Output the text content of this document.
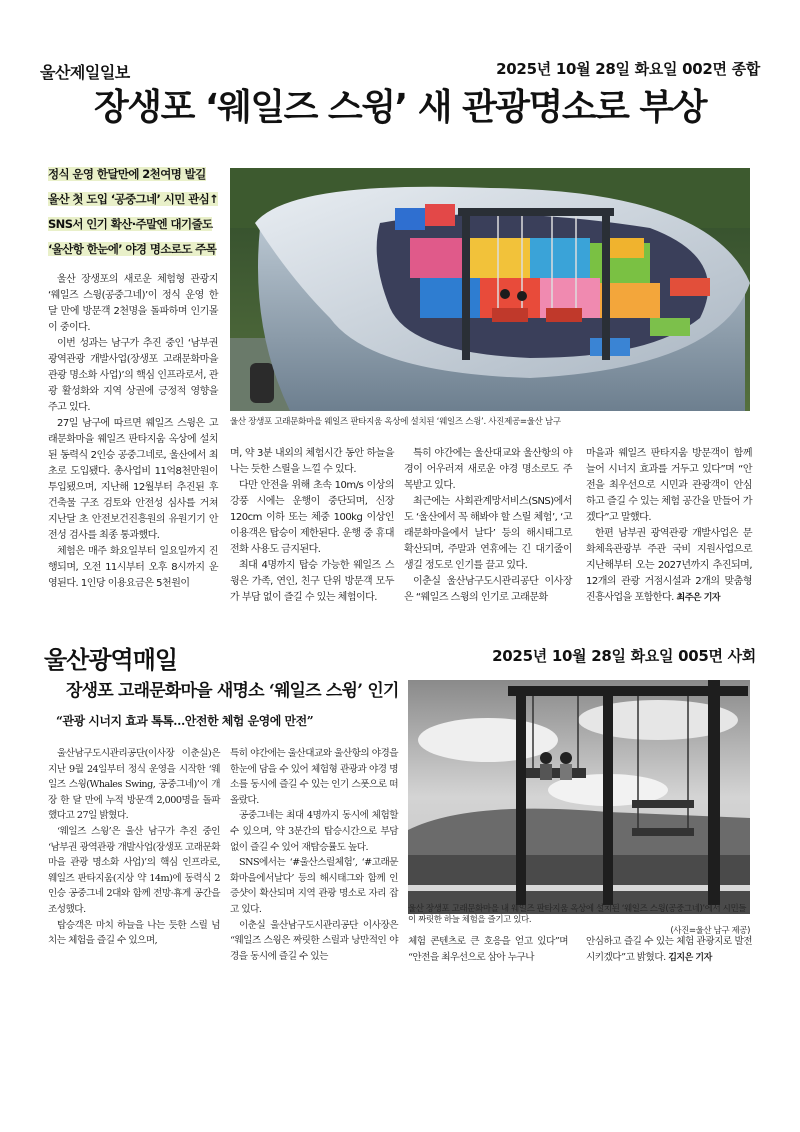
울산제일일보	2025년 10월 28일 화요일 002면 종합
장생포 ‘웨일즈 스윙’ 새 관광명소로 부상
정식 운영 한달만에 2천여명 발길
울산 첫 도입 ‘공중그네’ 시민 관심↑
SNS서 인기 확산·주말엔 대기줄도
‘울산항 한눈에’ 야경 명소로도 주목
울산 장생포 고래문화마을 웨일즈 판타지움 옥상에 설치된 ‘웨일즈 스윙’. 사진제공=울산 남구

울산 장생포의 새로운 체험형 관광지 ‘웨일즈 스윙(공중그네)’이 정식 운영 한 달 만에 방문객 2천명을 돌파하며 인기몰이 중이다.

이번 성과는 남구가 추진 중인 ‘남부권 광역관광 개발사업(장생포 고래문화마을 관광 명소화 사업)’의 핵심 인프라로서, 관광 활성화와 지역 상권에 긍정적 영향을 주고 있다.

27일 남구에 따르면 웨일즈 스윙은 고래문화마을 웨일즈 판타지움 옥상에 설치된 동력식 2인승 공중그네로, 울산에서 최초로 도입됐다. 총사업비 11억8천만원이 투입됐으며, 지난해 12월부터 추진된 후 건축물 구조 검토와 안전성 심사를 거쳐 지난달 초 안전보건진흥원의 유원기기 안전성 검사를 최종 통과했다.

체험은 매주 화요일부터 일요일까지 진행되며, 오전 11시부터 오후 8시까지 운영된다. 1인당 이용요금은 5천원이

며, 약 3분 내외의 체험시간 동안 하늘을 나는 듯한 스릴을 느낄 수 있다.

다만 안전을 위해 초속 10m/s 이상의 강풍 시에는 운행이 중단되며, 신장 120cm 이하 또는 체중 100kg 이상인 이용객은 탑승이 제한된다. 운행 중 휴대전화 사용도 금지된다.

최대 4명까지 탑승 가능한 웨일즈 스윙은 가족, 연인, 친구 단위 방문객 모두가 부담 없이 즐길 수 있는 체험이다.

특히 야간에는 울산대교와 울산항의 야경이 어우러져 새로운 야경 명소로도 주목받고 있다.

최근에는 사회관계망서비스(SNS)에서도 ‘울산에서 꼭 해봐야 할 스릴 체험’, ‘고래문화마을에서 날다’ 등의 해시태그로 확산되며, 주말과 연휴에는 긴 대기줄이 생길 정도로 인기를 끌고 있다.

이춘실 울산남구도시관리공단 이사장은 “웨일즈 스윙의 인기로 고래문화

마을과 웨일즈 판타지움 방문객이 함께 늘어 시너지 효과를 거두고 있다”며 “안전을 최우선으로 시민과 관광객이 안심하고 즐길 수 있는 체험 공간을 만들어 가겠다”고 말했다.

한편 남부권 광역관광 개발사업은 문화체육관광부 주관 국비 지원사업으로 지난해부터 오는 2027년까지 추진되며, 12개의 관광 거점시설과 2개의 맞춤형 진흥사업을 포함한다. 최주은 기자

울산광역매일	2025년 10월 28일 화요일 005면 사회
장생포 고래문화마을 새명소 ‘웨일즈 스윙’ 인기
“관광 시너지 효과 톡톡…안전한 체험 운영에 만전”

울산남구도시관리공단(이사장 이춘실)은 지난 9월 24일부터 정식 운영을 시작한 ‘웨일즈 스윙(Whales Swing, 공중그네)’이 개장 한 달 만에 누적 방문객 2,000명을 돌파했다고 27일 밝혔다.

‘웨일즈 스윙’은 울산 남구가 추진 중인 ‘남부권 광역관광 개발사업(장생포 고래문화마을 관광 명소화 사업)’의 핵심 인프라로, 웨일즈 판타지움(지상 약 14m)에 동력식 2인승 공중그네 2대와 함께 전망·휴게 공간을 조성했다.

탑승객은 마치 하늘을 나는 듯한 스릴 넘치는 체험을 즐길 수 있으며,

특히 야간에는 울산대교와 울산항의 야경을 한눈에 담을 수 있어 체험형 관광과 야경 명소를 동시에 즐길 수 있는 인기 스폿으로 떠올랐다.

공중그네는 최대 4명까지 동시에 체험할 수 있으며, 약 3분간의 탑승시간으로 부담 없이 즐길 수 있어 재탑승률도 높다.

SNS에서는 ‘#울산스릴체험’, ‘#고래문화마을에서날다’ 등의 해시태그와 함께 인증샷이 확산되며 지역 관광 명소로 자리 잡고 있다.

이춘실 울산남구도시관리공단 이사장은 “웨일즈 스윙은 짜릿한 스릴과 낭만적인 야경을 동시에 즐길 수 있는

울산 장생포 고래문화마을 내 웨일즈 판타지움 옥상에 설치된 ‘웨일즈 스윙(공중그네)’에서 시민들이 짜릿한 하늘 체험을 즐기고 있다.
(사진=울산 남구 제공)

체험 콘텐츠로 큰 호응을 얻고 있다”며 “안전을 최우선으로 삼아 누구나

안심하고 즐길 수 있는 체험 관광지로 발전시키겠다”고 밝혔다. 김지은 기자
